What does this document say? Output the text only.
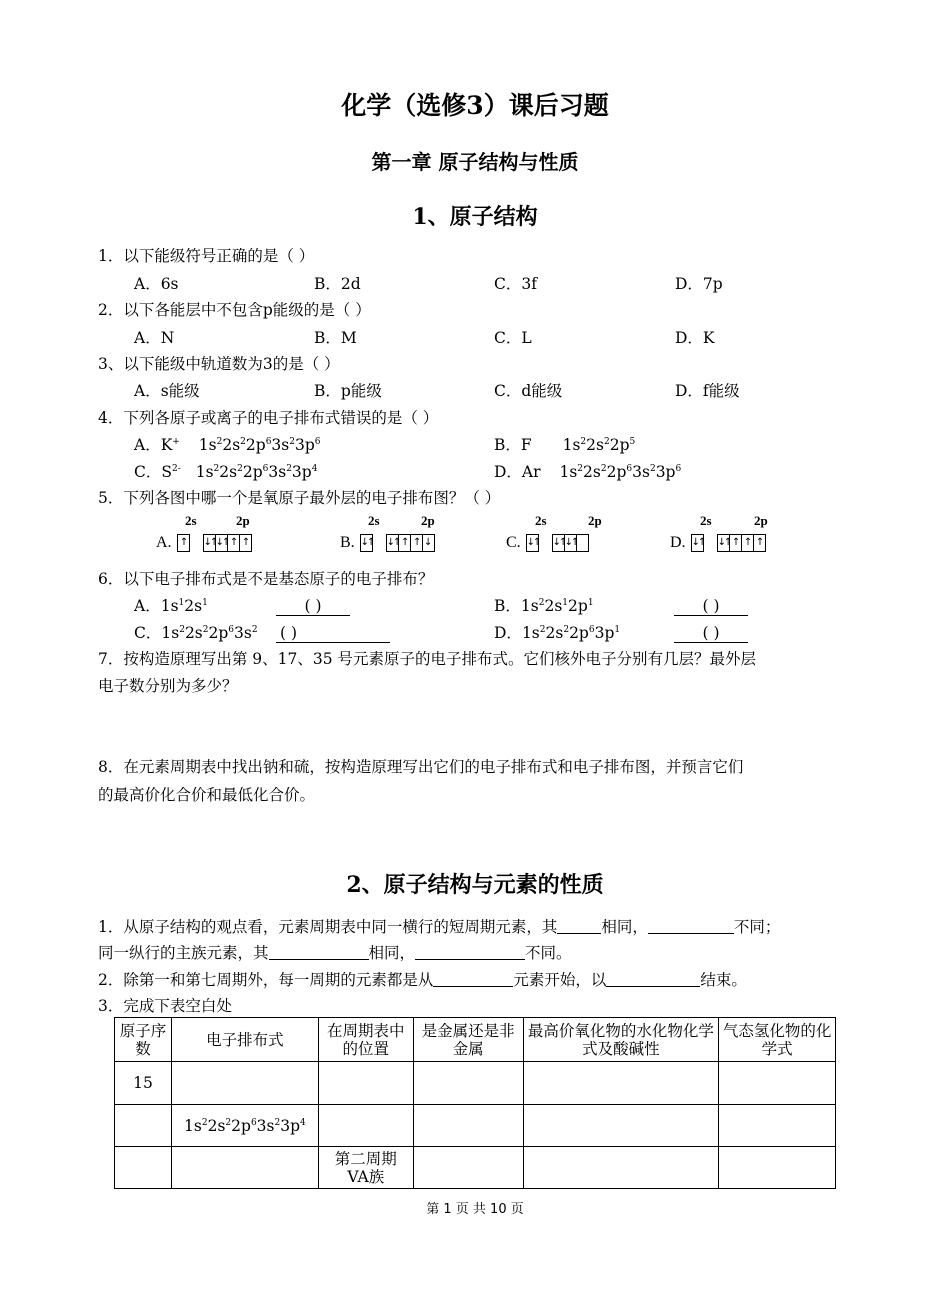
化学（选修3）课后习题
第一章 原子结构与性质
1、原子结构
1．以下能级符号正确的是（ ）
A．6s	B．2d	C．3f	D．7p
2．以下各能层中不包含p能级的是（ ）
A．N	B．M	C．L	D．K
3、以下能级中轨道数为3的是（ ）
A．s能级	B．p能级	C．d能级	D．f能级
4．下列各原子或离子的电子排布式错误的是（ ）
A．K+ $1s^22s^22p^63s^23p^6$	B．F $1s^22s^22p^5$
C．$S^{2-}$ $1s^22s^22p^63s^23p^4$	D．Ar $1s^22s^22p^63s^23p^6$
5．下列各图中哪一个是氧原子最外层的电子排布图？（ ）
2s	2p	2s	2p	2s	2p	2s	2p
A. ↑	↓↑ ↓↑ ↑ ↑	B. ↓↑ ↓↑ ↑ ↑ ↓	C. ↓↑ ↓↑ ↓↑	D. ↓↑ ↓↑ ↑ ↑ ↑
6．以下电子排布式是不是基态原子的电子排布？
A．$1s^12s^1$	( )	B．$1s^22s^12p^1$	( )
C．$1s^22s^22p^63s^2$ ( )	D．$1s^22s^22p^63p^1$	( )
7．按构造原理写出第 9、17、35 号元素原子的电子排布式。它们核外电子分别有几层？最外层
电子数分别为多少？
8．在元素周期表中找出钠和硫，按构造原理写出它们的电子排布式和电子排布图，并预言它们
的最高价化合价和最低化合价。
2、原子结构与元素的性质
1．从原子结构的观点看，元素周期表中同一横行的短周期元素，其	相同，	不同；
同一纵行的主族元素，其	相同，	不同。
2．除第一和第七周期外，每一周期的元素都是从	元素开始，以	结束。
3．完成下表空白处
原子序数	电子排布式	在周期表中的位置	是金属还是非金属	最高价氧化物的水化物化学式及酸碱性	气态氢化物的化学式
15					
	$1s^22s^22p^63s^23p^4$				
		第二周期VA族			
第 1 页 共 10 页
